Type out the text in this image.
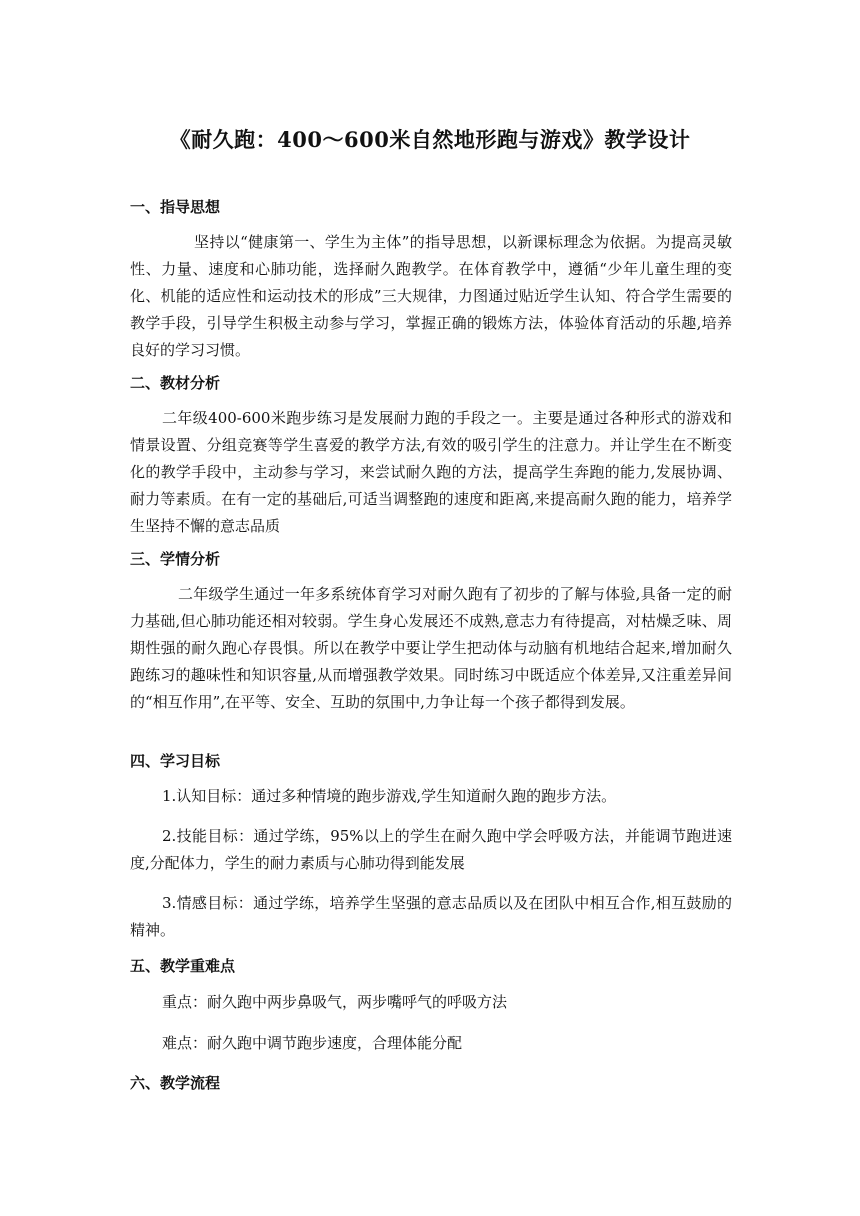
《耐久跑：400～600米自然地形跑与游戏》教学设计

一、指导思想

坚持以“健康第一、学生为主体”的指导思想，以新课标理念为依据。为提高灵敏性、力量、速度和心肺功能，选择耐久跑教学。在体育教学中，遵循“少年儿童生理的变化、机能的适应性和运动技术的形成”三大规律，力图通过贴近学生认知、符合学生需要的教学手段，引导学生积极主动参与学习，掌握正确的锻炼方法，体验体育活动的乐趣,培养良好的学习习惯。

二、教材分析

二年级400-600米跑步练习是发展耐力跑的手段之一。主要是通过各种形式的游戏和情景设置、分组竞赛等学生喜爱的教学方法,有效的吸引学生的注意力。并让学生在不断变化的教学手段中，主动参与学习，来尝试耐久跑的方法，提高学生奔跑的能力,发展协调、耐力等素质。在有一定的基础后,可适当调整跑的速度和距离,来提高耐久跑的能力，培养学生坚持不懈的意志品质

三、学情分析

二年级学生通过一年多系统体育学习对耐久跑有了初步的了解与体验,具备一定的耐力基础,但心肺功能还相对较弱。学生身心发展还不成熟,意志力有待提高，对枯燥乏味、周期性强的耐久跑心存畏惧。所以在教学中要让学生把动体与动脑有机地结合起来,增加耐久跑练习的趣味性和知识容量,从而增强教学效果。同时练习中既适应个体差异,又注重差异间的“相互作用”,在平等、安全、互助的氛围中,力争让每一个孩子都得到发展。

四、学习目标

1.认知目标：通过多种情境的跑步游戏,学生知道耐久跑的跑步方法。

2.技能目标：通过学练，95%以上的学生在耐久跑中学会呼吸方法，并能调节跑进速度,分配体力，学生的耐力素质与心肺功得到能发展

3.情感目标：通过学练，培养学生坚强的意志品质以及在团队中相互合作,相互鼓励的精神。

五、教学重难点

重点：耐久跑中两步鼻吸气，两步嘴呼气的呼吸方法

难点：耐久跑中调节跑步速度，合理体能分配

六、教学流程
